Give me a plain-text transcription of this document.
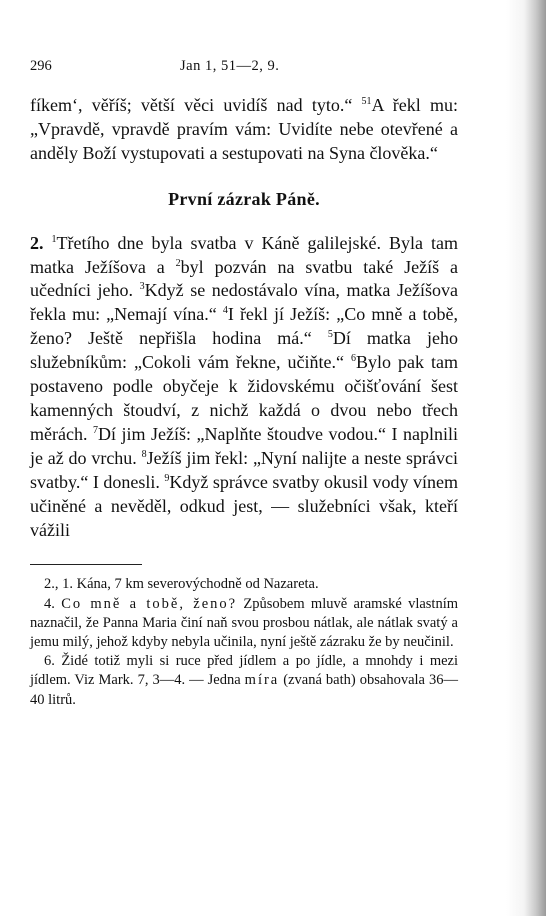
296	Jan 1, 51—2, 9.

fíkem‘, věříš; větší věci uvidíš nad tyto.“ $^{51}$A řekl mu: „Vpravdě, vpravdě pravím vám: Uvidíte nebe otevřené a anděly Boží vystupovati a sestupovati na Syna člověka.“

První zázrak Páně.

2. $^1$Třetího dne byla svatba v Káně galilejské. Byla tam matka Ježíšova a $^2$byl pozván na svatbu také Ježíš a učedníci jeho. $^3$Když se nedostávalo vína, matka Ježíšova řekla mu: „Nemají vína.“ $^4$I řekl jí Ježíš: „Co mně a tobě, ženo? Ještě nepřišla hodina má.“ $^5$Dí matka jeho služebníkům: „Cokoli vám řekne, učiňte.“ $^6$Bylo pak tam postaveno podle obyčeje k židovskému očišťování šest kamenných štoudví, z nichž každá o dvou nebo třech měrách. $^7$Dí jim Ježíš: „Naplňte štoudve vodou.“ I naplnili je až do vrchu. $^8$Ježíš jim řekl: „Nyní nalijte a neste správci svatby.“ I donesli. $^9$Když správce svatby okusil vody vínem učiněné a nevěděl, odkud jest, — služebníci však, kteří vážili

2., 1. Kána, 7 km severovýchodně od Nazareta.

4. Co mně a tobě, ženo? Způsobem mluvě aramské vlastním naznačil, že Panna Maria činí naň svou prosbou nátlak, ale nátlak svatý a jemu milý, jehož kdyby nebyla učinila, nyní ještě zázraku že by neučinil.

6. Židé totiž myli si ruce před jídlem a po jídle, a mnohdy i mezi jídlem. Viz Mark. 7, 3—4. — Jedna míra (zvaná bath) obsahovala 36—40 litrů.
